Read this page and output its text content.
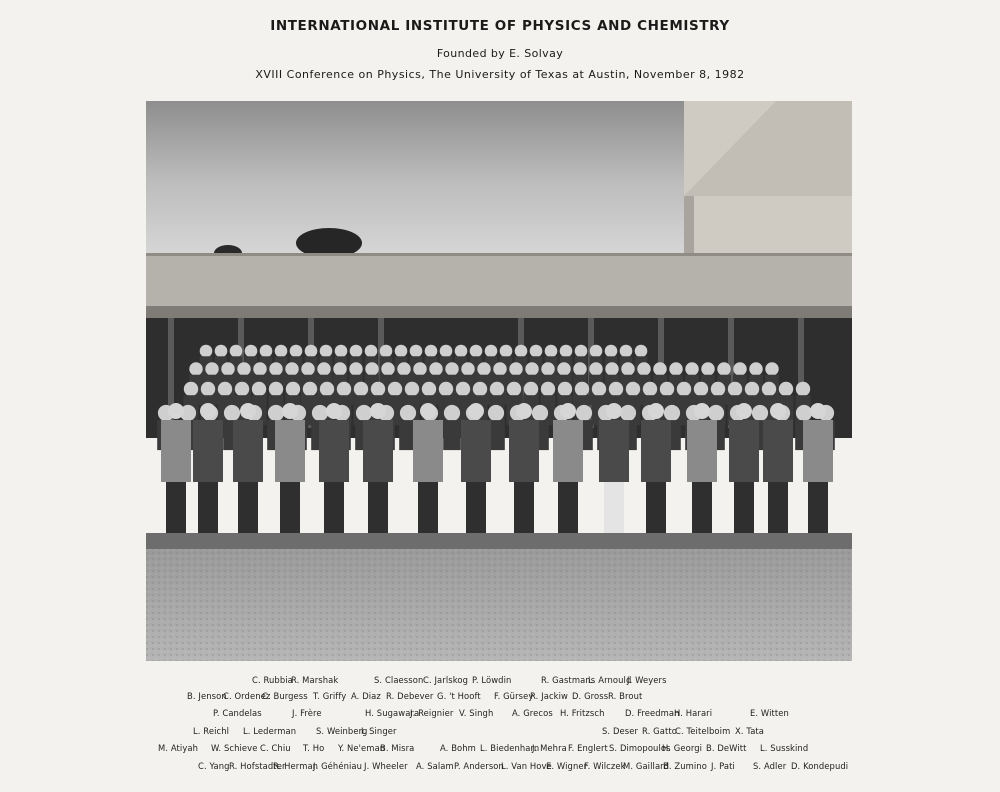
INTERNATIONAL INSTITUTE OF PHYSICS AND CHEMISTRY
Founded by E. Solvay
XVIII Conference on Physics, The University of Texas at Austin, November 8, 1982
C. Rubbia
R. Marshak	S. Claesson C. Jarlskog P. Löwdin	R. Gastmans
L. Arnould
J. Weyers
B. Jenson
C. Ordenez
C. Burgess T. Griffy A. Diaz R. Debever G. 't Hooft F. Gürsey
R. Jackiw D. Gross R. Brout
P. Candelas	J. Frère	H. Sugawara
J. Reignier V. Singh A. Grecos H. Fritzsch D. Freedman
H. Harari	E. Witten
L. Reichl L. Lederman S. Weinberg
I. Singer	S. Deser R. Gatto
C. Teitelboim X. Tata
M. Atiyah W. Schieve C. Chiu T. Ho Y. Ne'eman
B. Misra	A. Bohm L. Biedenharn
J. Mehra F. Englert S. Dimopoulos
H. Georgi B. DeWitt L. Susskind
C. Yang R. Hofstadter
R. Herman
J. Géhéniau J. Wheeler A. Salam P. Anderson
L. Van Hove
E. Wigner
F. Wilczek
M. Gaillard
B. Zumino J. Pati S. Adler D. Kondepudi
